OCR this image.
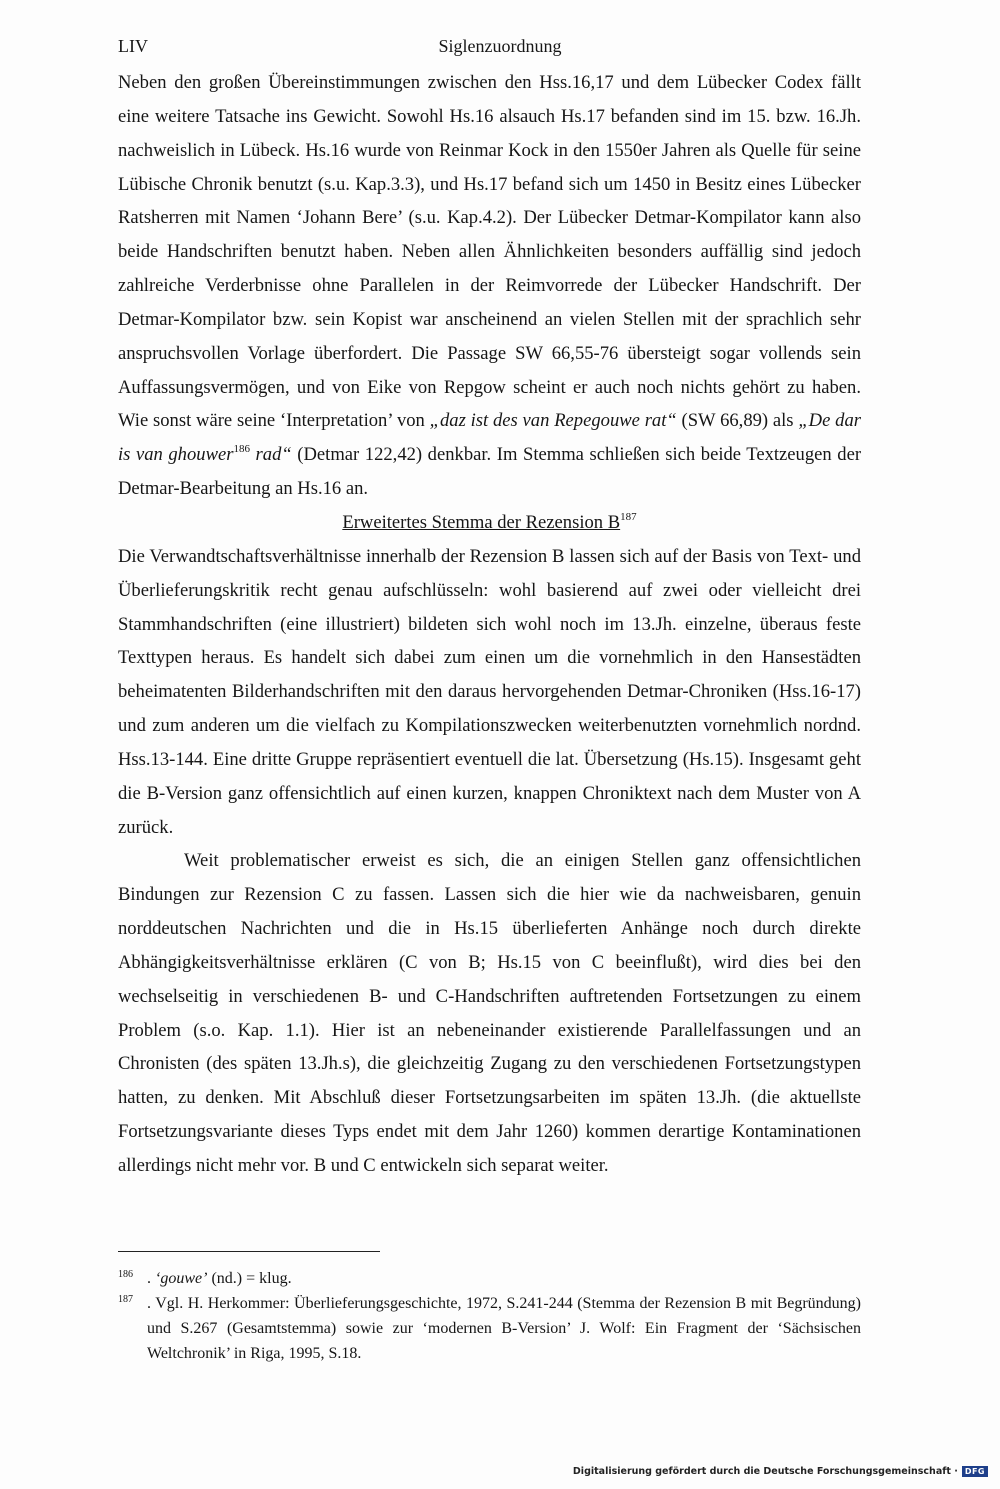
LIV	Siglenzuordnung

Neben den großen Übereinstimmungen zwischen den Hss.16,17 und dem Lübecker Codex fällt eine weitere Tatsache ins Gewicht. Sowohl Hs.16 alsauch Hs.17 befanden sind im 15. bzw. 16.Jh. nachweislich in Lübeck. Hs.16 wurde von Reinmar Kock in den 1550er Jahren als Quelle für seine Lübische Chronik benutzt (s.u. Kap.3.3), und Hs.17 befand sich um 1450 in Besitz eines Lübecker Ratsherren mit Namen ‘Johann Bere’ (s.u. Kap.4.2). Der Lübecker Detmar-Kompilator kann also beide Handschriften benutzt haben. Neben allen Ähnlichkeiten besonders auffällig sind jedoch zahlreiche Verderbnisse ohne Parallelen in der Reimvorrede der Lübecker Handschrift. Der Detmar-Kompilator bzw. sein Kopist war anscheinend an vielen Stellen mit der sprachlich sehr anspruchsvollen Vorlage überfordert. Die Passage SW 66,55-76 übersteigt sogar vollends sein Auffassungsvermögen, und von Eike von Repgow scheint er auch noch nichts gehört zu haben. Wie sonst wäre seine ‘Interpretation’ von „daz ist des van Repegouwe rat“ (SW 66,89) als „De dar is van ghouwer$^{186}$ rad“ (Detmar 122,42) denkbar. Im Stemma schließen sich beide Textzeugen der Detmar-Bearbeitung an Hs.16 an.

Erweitertes Stemma der Rezension $B^{187}$

Die Verwandtschaftsverhältnisse innerhalb der Rezension B lassen sich auf der Basis von Text- und Überlieferungskritik recht genau aufschlüsseln: wohl basierend auf zwei oder vielleicht drei Stammhandschriften (eine illustriert) bildeten sich wohl noch im 13.Jh. einzelne, überaus feste Texttypen heraus. Es handelt sich dabei zum einen um die vornehmlich in den Hansestädten beheimatenten Bilderhandschriften mit den daraus hervorgehenden Detmar-Chroniken (Hss.16-17) und zum anderen um die vielfach zu Kompilationszwecken weiterbenutzten vornehmlich nordnd. Hss.13-144. Eine dritte Gruppe repräsentiert eventuell die lat. Übersetzung (Hs.15). Insgesamt geht die B-Version ganz offensichtlich auf einen kurzen, knappen Chroniktext nach dem Muster von A zurück.

Weit problematischer erweist es sich, die an einigen Stellen ganz offensichtlichen Bindungen zur Rezension C zu fassen. Lassen sich die hier wie da nachweisbaren, genuin norddeutschen Nachrichten und die in Hs.15 überlieferten Anhänge noch durch direkte Abhängigkeitsverhältnisse erklären (C von B; Hs.15 von C beeinflußt), wird dies bei den wechselseitig in verschiedenen B- und C-Handschriften auftretenden Fortsetzungen zu einem Problem (s.o. Kap. 1.1). Hier ist an nebeneinander existierende Parallelfassungen und an Chronisten (des späten 13.Jh.s), die gleichzeitig Zugang zu den verschiedenen Fortsetzungstypen hatten, zu denken. Mit Abschluß dieser Fortsetzungsarbeiten im späten 13.Jh. (die aktuellste Fortsetzungsvariante dieses Typs endet mit dem Jahr 1260) kommen derartige Kontaminationen allerdings nicht mehr vor. B und C entwickeln sich separat weiter.

$^{186}$ . ‘gouwe’ (nd.) = klug.
$^{187}$ . Vgl. H. Herkommer: Überlieferungsgeschichte, 1972, S.241-244 (Stemma der Rezension B mit Begründung) und S.267 (Gesamtstemma) sowie zur ‘modernen B-Version’ J. Wolf: Ein Fragment der ‘Sächsischen Weltchronik’ in Riga, 1995, S.18.
Digitalisierung gefördert durch die Deutsche Forschungsgemeinschaft · DFG
